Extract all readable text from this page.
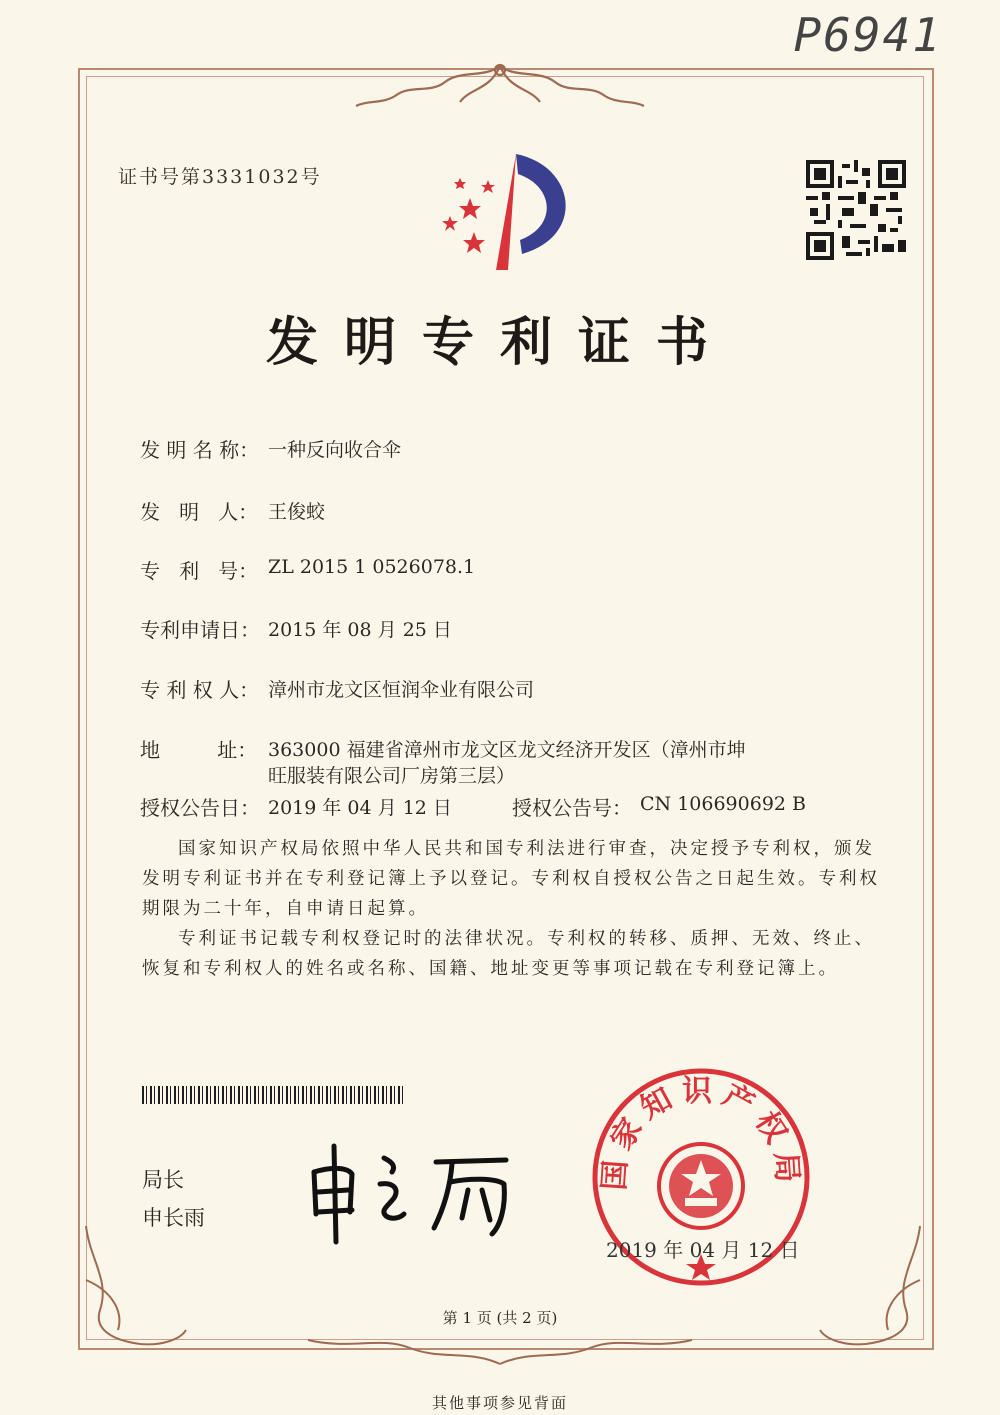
P6941
证书号第3331032号
发明专利证书
发 明 名 称： 一种反向收合伞
发   明   人： 王俊蛟
专   利   号： ZL 2015 1 0526078.1
专利申请日： 2015 年 08 月 25 日
专 利 权 人： 漳州市龙文区恒润伞业有限公司
地         址： 363000 福建省漳州市龙文区龙文经济开发区（漳州市坤
旺服装有限公司厂房第三层）
授权公告日： 2019 年 04 月 12 日	授权公告号： CN 106690692 B
国家知识产权局依照中华人民共和国专利法进行审查，决定授予专利权，颁发发明专利证书并在专利登记簿上予以登记。专利权自授权公告之日起生效。专利权期限为二十年，自申请日起算。
专利证书记载专利权登记时的法律状况。专利权的转移、质押、无效、终止、恢复和专利权人的姓名或名称、国籍、地址变更等事项记载在专利登记簿上。
局长
申长雨
国家知识产权局
2019 年 04 月 12 日
第 1 页 (共 2 页)
其他事项参见背面
